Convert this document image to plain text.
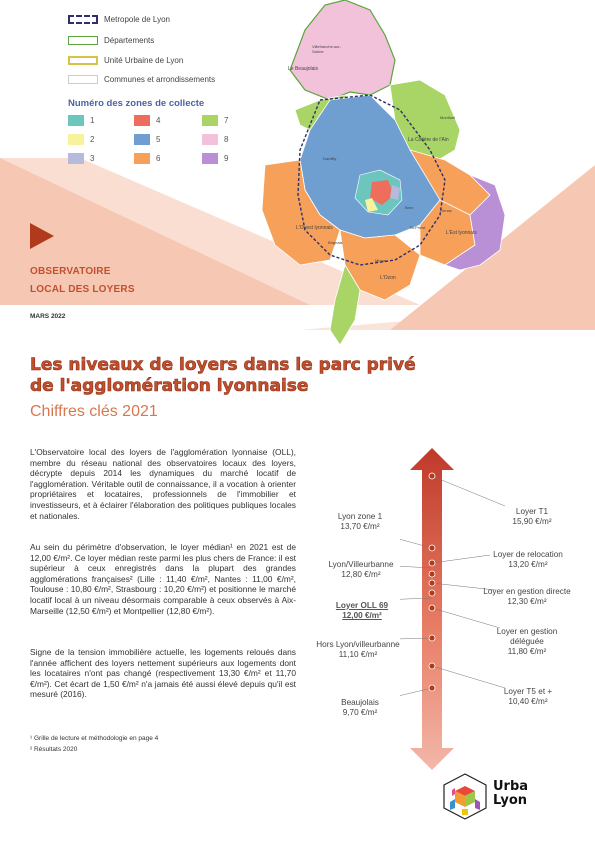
Metropole de Lyon
Départements
Unité Urbaine de Lyon
Communes et arrondissements
Numéro des zones de collecte
1
2
3
4
5
6
7
8
9
Le Beaujolais
Villefranche-sur-Saône
La Côtière de l'Ain
L'Ouest lyonnais
L'Est lyonnais
L'Ozon
Montluel
Dardilly
Bron
Mions
Brignais
St-Priest
Genas
OBSERVATOIRE
LOCAL DES LOYERS
MARS 2022
Les niveaux de loyers dans le parc privé
de l'agglomération lyonnaise
Chiffres clés 2021
L'Observatoire local des loyers de l'agglomération lyonnaise (OLL), membre du réseau national des observatoires locaux des loyers, décrypte depuis 2014 les dynamiques du marché locatif de l'agglomération. Véritable outil de connaissance, il a vocation à orienter propriétaires et locataires, professionnels de l'immobilier et investisseurs, et à éclairer l'élaboration des politiques publiques locales et nationales.
Au sein du périmètre d'observation, le loyer médian¹ en 2021 est de 12,00 €/m². Ce loyer médian reste parmi les plus chers de France: il est supérieur à ceux enregistrés dans la plupart des grandes agglomérations françaises² (Lille : 11,40 €/m², Nantes : 11,00 €/m², Toulouse : 10,80 €/m², Strasbourg : 10,20 €/m²) et positionne le marché locatif local à un niveau désormais comparable à ceux observés à Aix-Marseille (12,50 €/m²) et Montpellier (12,80 €/m²).
Signe de la tension immobilière actuelle, les logements reloués dans l'année affichent des loyers nettement supérieurs aux logements dont les locataires n'ont pas changé (respectivement 13,30 €/m² et 11,70 €/m²). Cet écart de 1,50 €/m² n'a jamais été aussi élevé depuis qu'il est mesuré (2016).
¹ Grille de lecture et méthodologie en page 4
² Résultats 2020
Lyon zone 1
13,70 €/m²
Lyon/Villeurbanne
12,80 €/m²
Loyer OLL 69
12,00 €/m²
Hors Lyon/villeurbanne
11,10 €/m²
Beaujolais
9,70 €/m²
Loyer T1
15,90 €/m²
Loyer de relocation
13,20 €/m²
Loyer en gestion directe
12,30 €/m²
Loyer en gestion déléguée
11,80 €/m²
Loyer T5 et +
10,40 €/m²
Urba
Lyon
